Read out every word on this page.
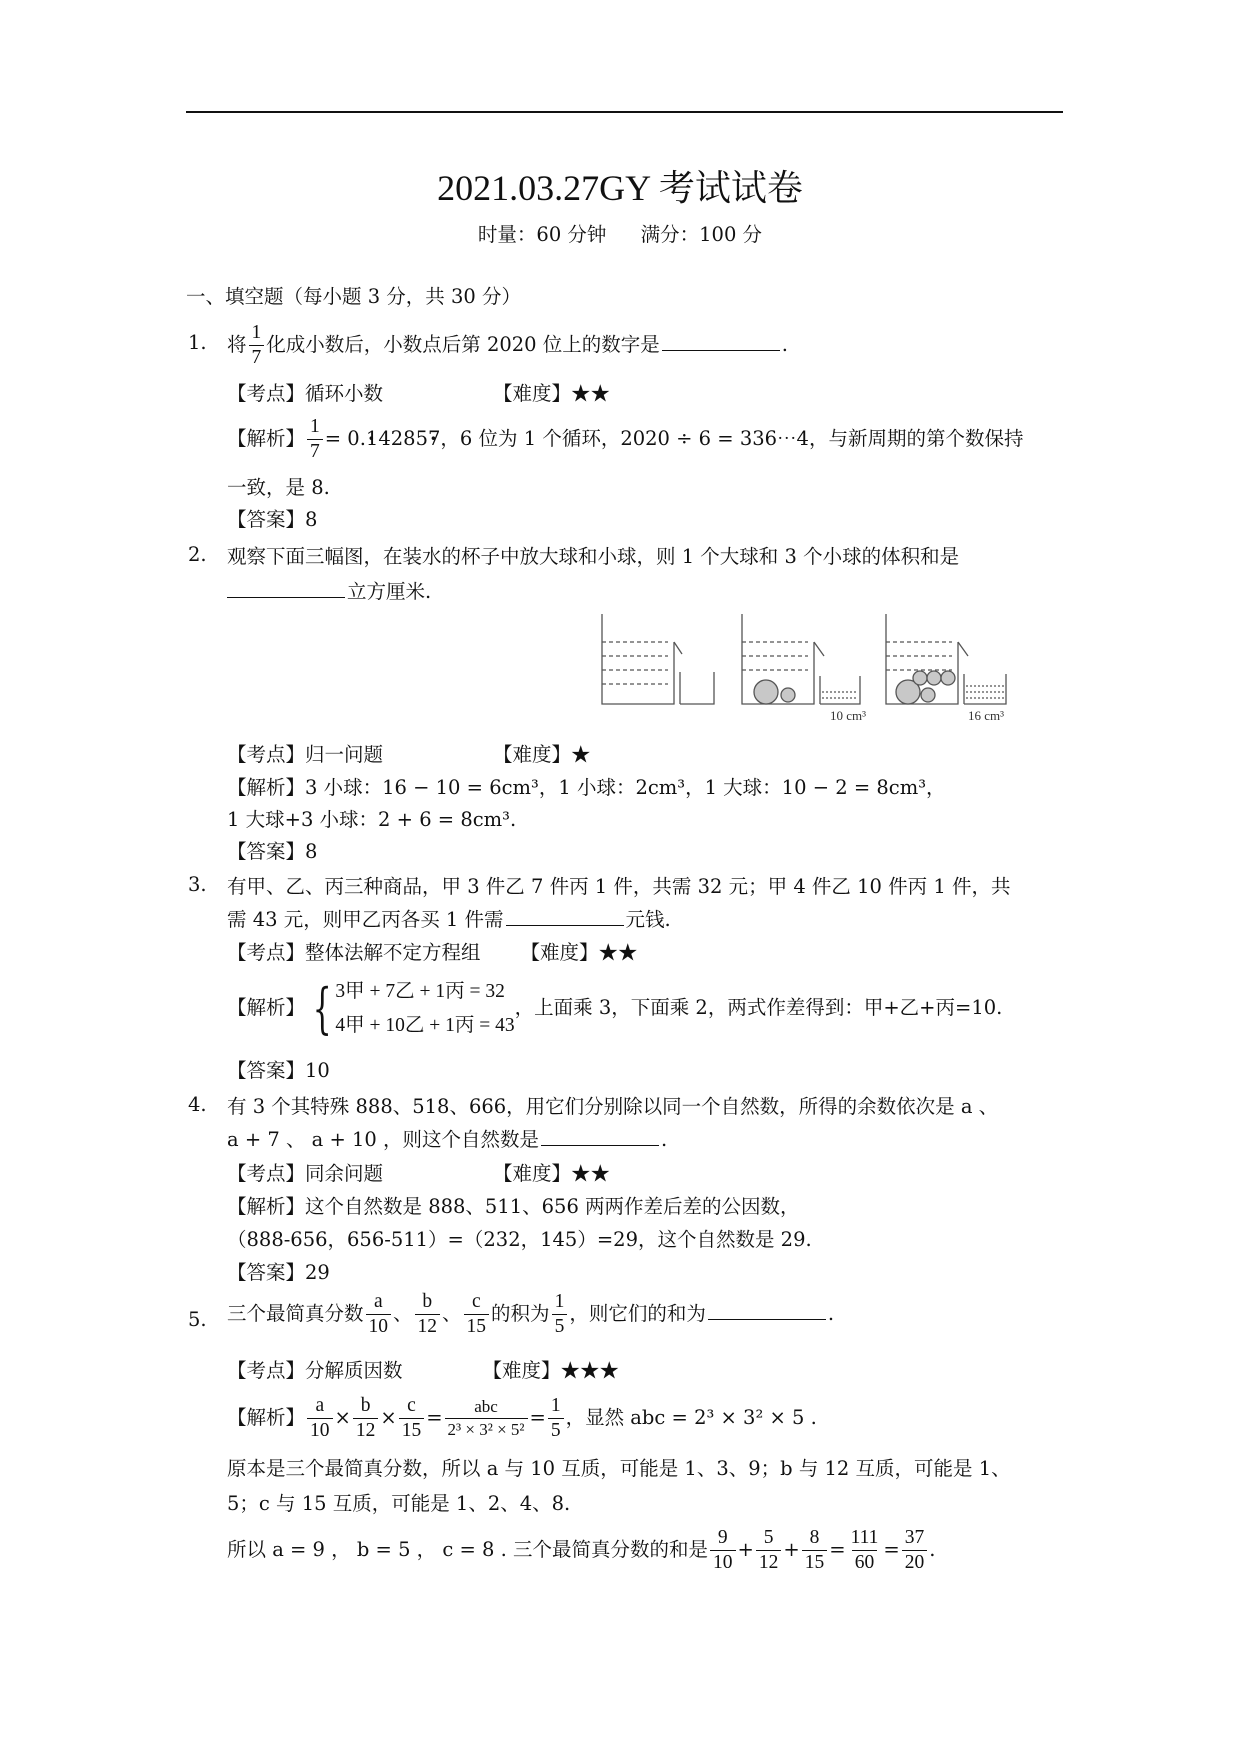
2021.03.27GY 考试试卷
时量：60 分钟 满分：100 分
一、填空题（每小题 3 分，共 30 分）
1. 将 $\frac{1}{7}$ 化成小数后，小数点后第 2020 位上的数字是	.
【考点】循环小数	【难度】★★
【解析】 $\frac{1}{7} = 0.1 \cdot 42857$ ·，6 位为 1 个循环，2020 ÷ 6 = 336⋯4，与新周期的第个数保持
一致，是 8.
【答案】8
2. 观察下面三幅图，在装水的杯子中放大球和小球，则 1 个大球和 3 个小球的体积和是
立方厘米.
10 cm³	16 cm³
【考点】归一问题	【难度】★
【解析】3 小球：16 − 10 = 6cm³，1 小球：2cm³，1 大球：10 − 2 = 8cm³，
1 大球+3 小球：2 + 6 = 8cm³.
【答案】8
3. 有甲、乙、丙三种商品，甲 3 件乙 7 件丙 1 件，共需 32 元；甲 4 件乙 10 件丙 1 件，共
需 43 元，则甲乙丙各买 1 件需	元钱.
【考点】整体法解不定方程组 【难度】★★
【解析】 { 3甲 + 7乙 + 1丙 = 32
4甲 + 10乙 + 1丙 = 43
，上面乘 3，下面乘 2，两式作差得到：甲+乙+丙=10.
【答案】10
4. 有 3 个其特殊 888、518、666，用它们分别除以同一个自然数，所得的余数依次是 a 、
a + 7 、 a + 10 ，则这个自然数是	.
【考点】同余问题	【难度】★★
【解析】这个自然数是 888、511、656 两两作差后差的公因数，
（888-656，656-511）=（232，145）=29，这个自然数是 29.
【答案】29
5. 三个最简真分数 $\frac{a}{10}$ 、 $\frac{b}{12}$ 、 $\frac{c}{15}$ 的积为 $\frac{1}{5}$ ，则它们的和为	.
【考点】分解质因数	【难度】★★★
【解析】 $\frac{a}{10} \times \frac{b}{12} \times \frac{c}{15} = \frac{\text{abc}}{\text{2³ × 3² × 5²}} = \frac{1}{5}$ ，显然 abc = 2³ × 3² × 5 .
原本是三个最简真分数，所以 a 与 10 互质，可能是 1、3、9；b 与 12 互质，可能是 1、
5；c 与 15 互质，可能是 1、2、4、8.
所以 a = 9 ， b = 5 ， c = 8 . 三个最简真分数的和是 $\frac{9}{10} + \frac{5}{12} + \frac{8}{15} = \frac{111}{60} = \frac{37}{20}$ .
